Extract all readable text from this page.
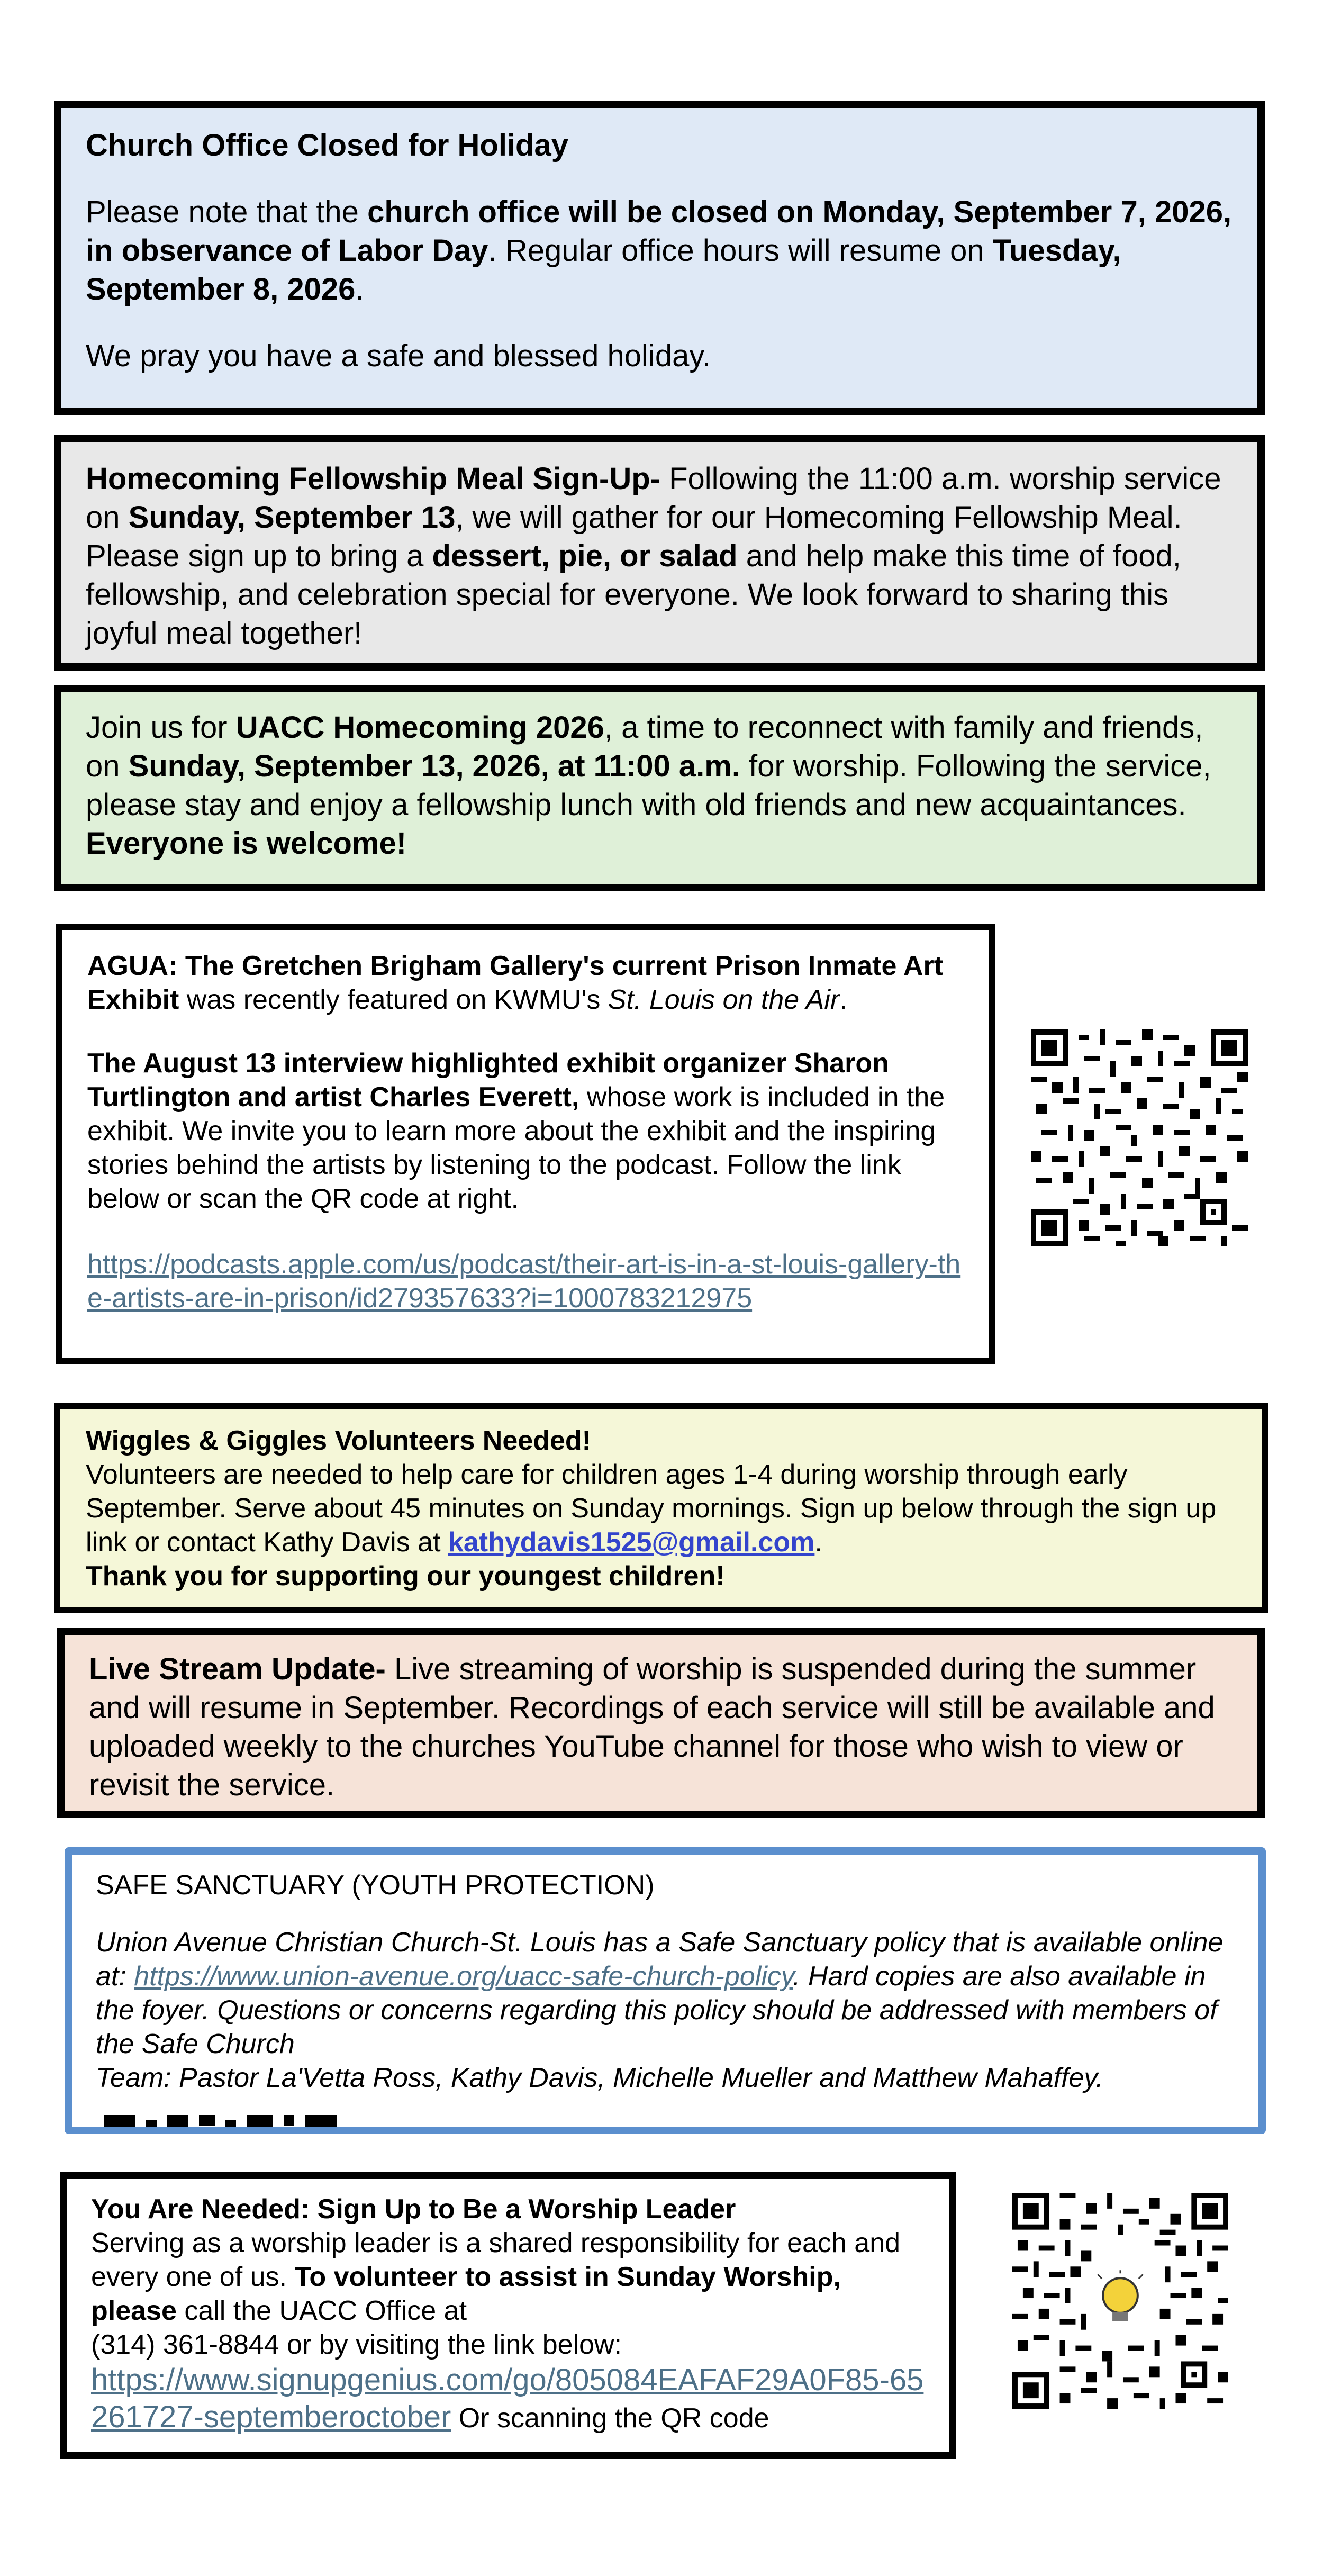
Church Office Closed for Holiday

Please note that the church office will be closed on Monday, September 7, 2026, in observance of Labor Day. Regular office hours will resume on Tuesday, September 8, 2026.

We pray you have a safe and blessed holiday.

Homecoming Fellowship Meal Sign-Up- Following the 11:00 a.m. worship service on Sunday, September 13, we will gather for our Homecoming Fellowship Meal. Please sign up to bring a dessert, pie, or salad and help make this time of food, fellowship, and celebration special for everyone. We look forward to sharing this joyful meal together!

Join us for UACC Homecoming 2026, a time to reconnect with family and friends, on Sunday, September 13, 2026, at 11:00 a.m. for worship. Following the service, please stay and enjoy a fellowship lunch with old friends and new acquaintances. Everyone is welcome!

AGUA: The Gretchen Brigham Gallery's current Prison Inmate Art Exhibit was recently featured on KWMU's St. Louis on the Air.

The August 13 interview highlighted exhibit organizer Sharon Turtlington and artist Charles Everett, whose work is included in the exhibit. We invite you to learn more about the exhibit and the inspiring stories behind the artists by listening to the podcast. Follow the link below or scan the QR code at right.

https://podcasts.apple.com/us/podcast/their-art-is-in-a-st-louis-gallery-the-artists-are-in-prison/id279357633?i=1000783212975

Wiggles & Giggles Volunteers Needed!

Volunteers are needed to help care for children ages 1-4 during worship through early September. Serve about 45 minutes on Sunday mornings. Sign up below through the sign up link or contact Kathy Davis at kathydavis1525@gmail.com.

Thank you for supporting our youngest children!

Live Stream Update- Live streaming of worship is suspended during the summer and will resume in September. Recordings of each service will still be available and uploaded weekly to the churches YouTube channel for those who wish to view or revisit the service.

SAFE SANCTUARY (YOUTH PROTECTION)

Union Avenue Christian Church-St. Louis has a Safe Sanctuary policy that is available online at: https://www.union-avenue.org/uacc-safe-church-policy. Hard copies are also available in the foyer. Questions or concerns regarding this policy should be addressed with members of the Safe Church

Team: Pastor La'Vetta Ross, Kathy Davis, Michelle Mueller and Matthew Mahaffey.

You Are Needed: Sign Up to Be a Worship Leader

Serving as a worship leader is a shared responsibility for each and every one of us. To volunteer to assist in Sunday Worship, please call the UACC Office at

(314) 361-8844 or by visiting the link below:

https://www.signupgenius.com/go/805084EAFAF29A0F85-65261727-septemberoctober Or scanning the QR code
